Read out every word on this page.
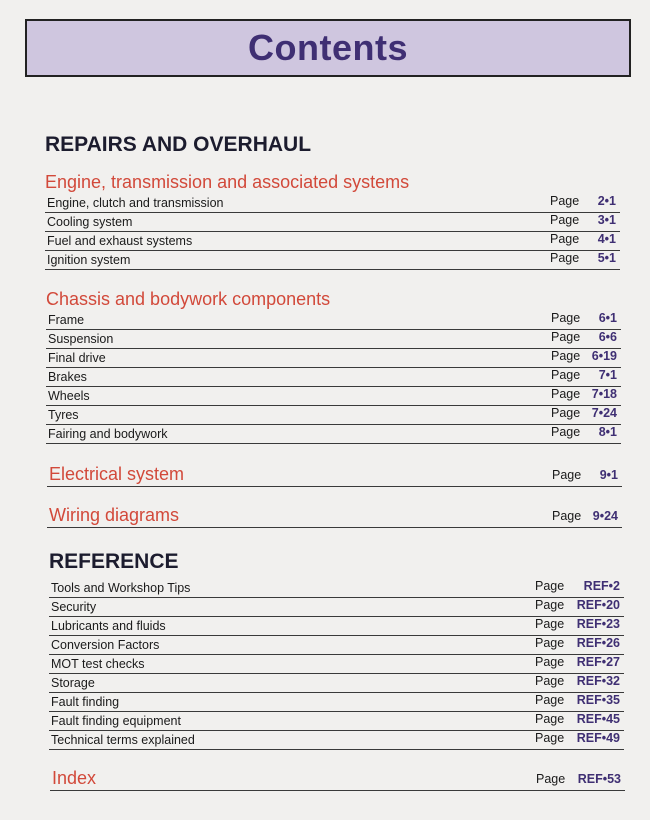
Contents
REPAIRS AND OVERHAUL
Engine, transmission and associated systems
Engine, clutch and transmission	Page 2•1
Cooling system	Page 3•1
Fuel and exhaust systems	Page 4•1
Ignition system	Page 5•1
Chassis and bodywork components
Frame	Page 6•1
Suspension	Page 6•6
Final drive	Page 6•19
Brakes	Page 7•1
Wheels	Page 7•18
Tyres	Page 7•24
Fairing and bodywork	Page 8•1
Electrical system	Page 9•1
Wiring diagrams	Page 9•24
REFERENCE
Tools and Workshop Tips	Page REF•2
Security	Page REF•20
Lubricants and fluids	Page REF•23
Conversion Factors	Page REF•26
MOT test checks	Page REF•27
Storage	Page REF•32
Fault finding	Page REF•35
Fault finding equipment	Page REF•45
Technical terms explained	Page REF•49
Index	Page REF•53
